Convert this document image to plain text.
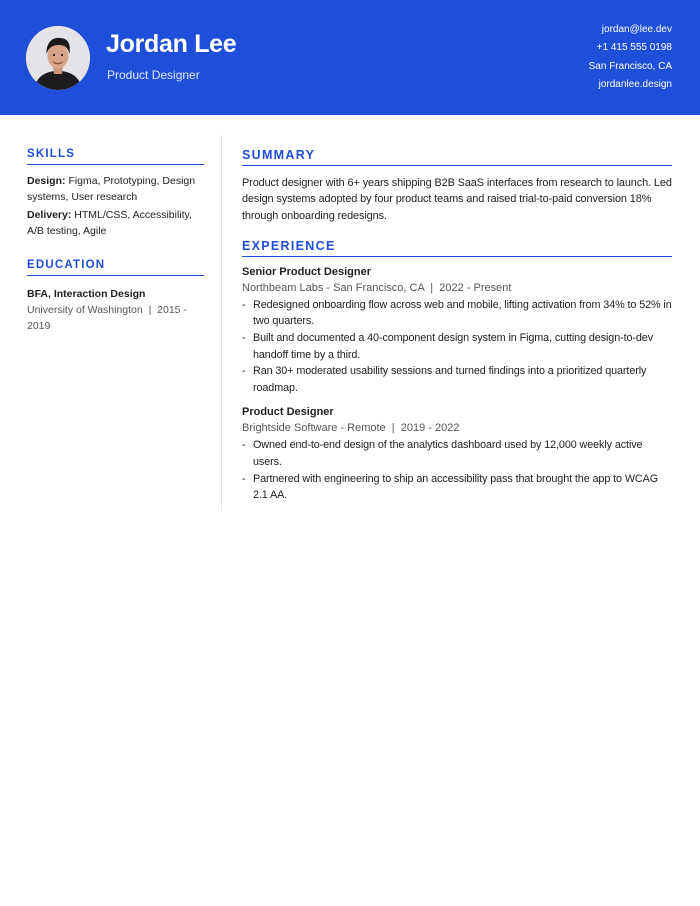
Jordan Lee
Product Designer
jordan@lee.dev
+1 415 555 0198
San Francisco, CA
jordanlee.design
SKILLS
Design: Figma, Prototyping, Design systems, User research
Delivery: HTML/CSS, Accessibility, A/B testing, Agile
EDUCATION
BFA, Interaction Design
University of Washington  |  2015 - 2019
SUMMARY
Product designer with 6+ years shipping B2B SaaS interfaces from research to launch. Led design systems adopted by four product teams and raised trial-to-paid conversion 18% through onboarding redesigns.
EXPERIENCE
Senior Product Designer
Northbeam Labs - San Francisco, CA  |  2022 - Present
- Redesigned onboarding flow across web and mobile, lifting activation from 34% to 52% in two quarters.
- Built and documented a 40-component design system in Figma, cutting design-to-dev handoff time by a third.
- Ran 30+ moderated usability sessions and turned findings into a prioritized quarterly roadmap.
Product Designer
Brightside Software - Remote  |  2019 - 2022
- Owned end-to-end design of the analytics dashboard used by 12,000 weekly active users.
- Partnered with engineering to ship an accessibility pass that brought the app to WCAG 2.1 AA.
